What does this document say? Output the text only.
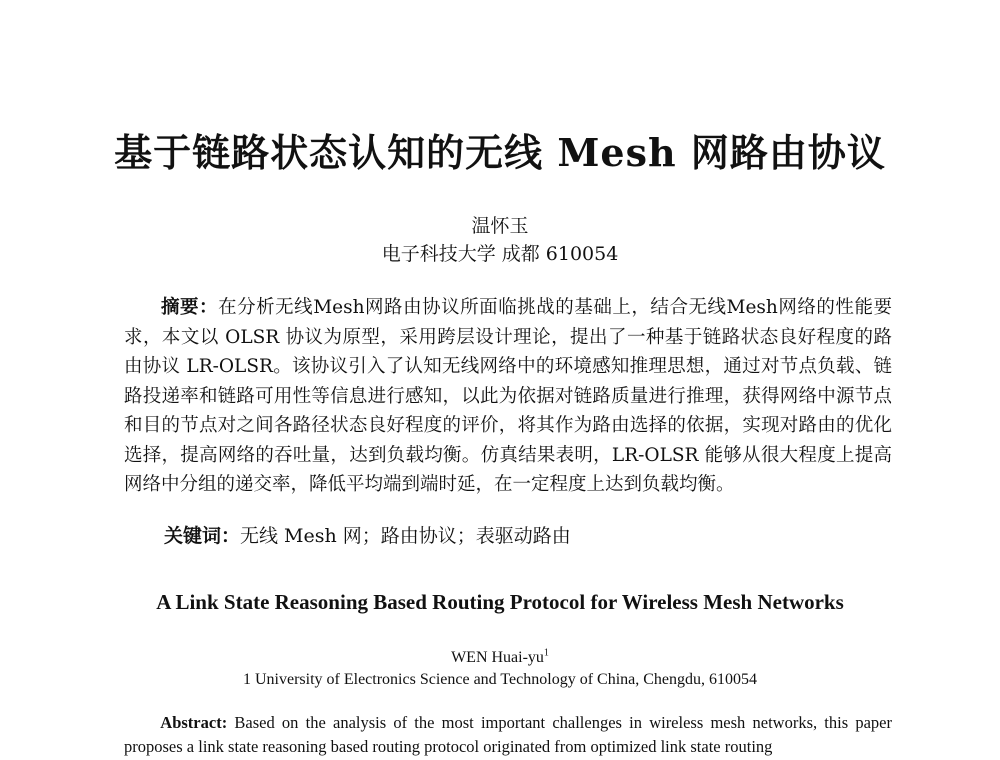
基于链路状态认知的无线 Mesh 网路由协议
温怀玉
电子科技大学 成都 610054

摘要：在分析无线Mesh网路由协议所面临挑战的基础上，结合无线Mesh网络的性能要求，本文以 OLSR 协议为原型，采用跨层设计理论，提出了一种基于链路状态良好程度的路由协议 LR-OLSR。该协议引入了认知无线网络中的环境感知推理思想，通过对节点负载、链路投递率和链路可用性等信息进行感知，以此为依据对链路质量进行推理，获得网络中源节点和目的节点对之间各路径状态良好程度的评价，将其作为路由选择的依据，实现对路由的优化选择，提高网络的吞吐量，达到负载均衡。仿真结果表明，LR-OLSR 能够从很大程度上提高网络中分组的递交率，降低平均端到端时延，在一定程度上达到负载均衡。

关键词：无线 Mesh 网；路由协议；表驱动路由
A Link State Reasoning Based Routing Protocol for Wireless Mesh Networks
WEN Huai-$yu^1$
1 University of Electronics Science and Technology of China, Chengdu, 610054

Abstract: Based on the analysis of the most important challenges in wireless mesh networks, this paper proposes a link state reasoning based routing protocol originated from optimized link state routing
